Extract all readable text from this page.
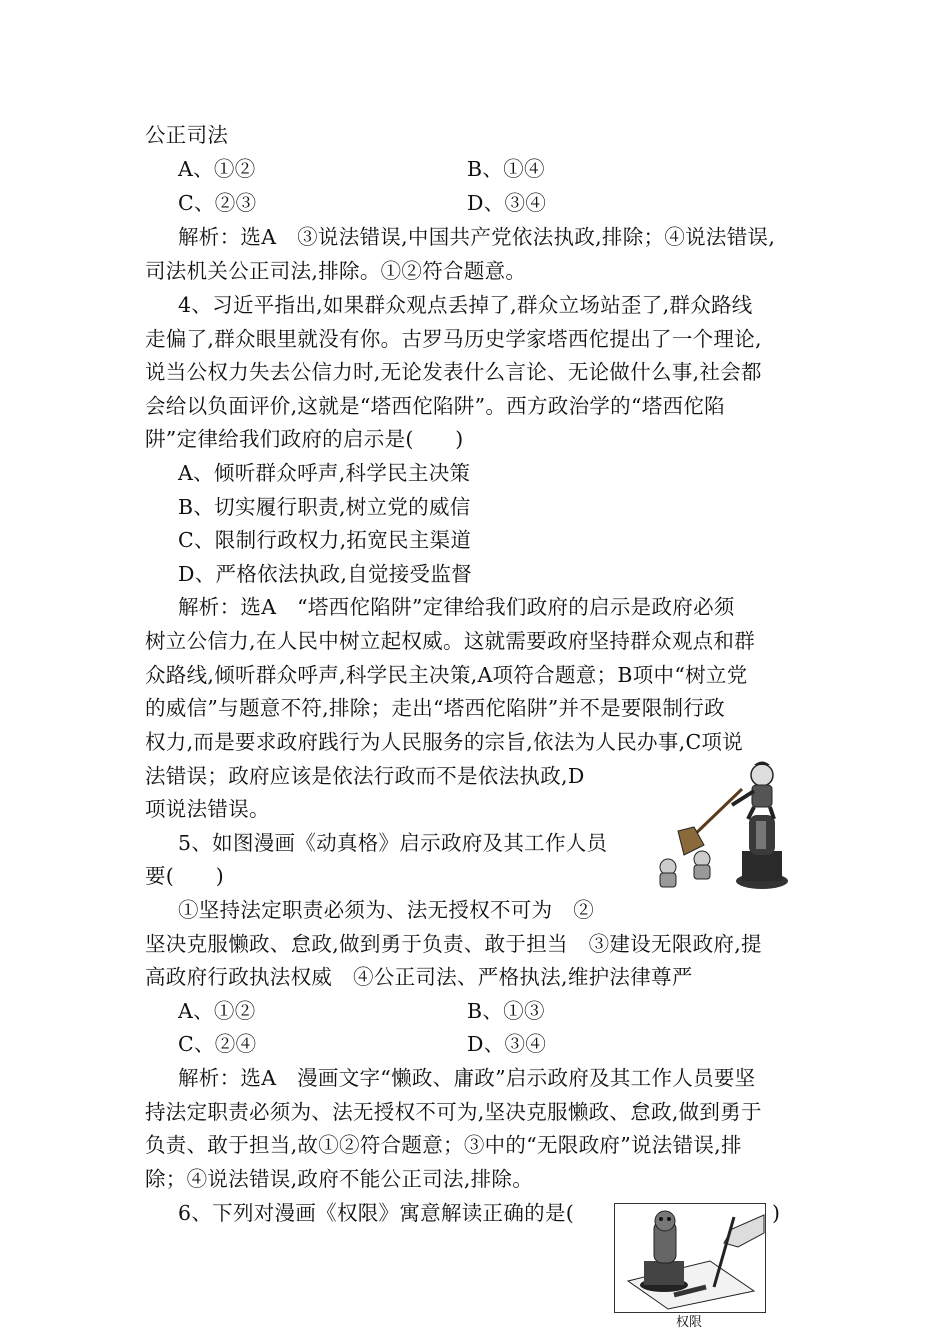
公正司法
A、①②	B、①④
C、②③	D、③④
解析：选A　③说法错误,中国共产党依法执政,排除；④说法错误,
司法机关公正司法,排除。①②符合题意。
4、习近平指出,如果群众观点丢掉了,群众立场站歪了,群众路线
走偏了,群众眼里就没有你。古罗马历史学家塔西佗提出了一个理论,
说当公权力失去公信力时,无论发表什么言论、无论做什么事,社会都
会给以负面评价,这就是“塔西佗陷阱”。西方政治学的“塔西佗陷
阱”定律给我们政府的启示是(　　)
A、倾听群众呼声,科学民主决策
B、切实履行职责,树立党的威信
C、限制行政权力,拓宽民主渠道
D、严格依法执政,自觉接受监督
解析：选A　“塔西佗陷阱”定律给我们政府的启示是政府必须
树立公信力,在人民中树立起权威。这就需要政府坚持群众观点和群
众路线,倾听群众呼声,科学民主决策,A项符合题意；B项中“树立党
的威信”与题意不符,排除；走出“塔西佗陷阱”并不是要限制行政
权力,而是要求政府践行为人民服务的宗旨,依法为人民办事,C项说
法错误；政府应该是依法行政而不是依法执政,D
项说法错误。
5、如图漫画《动真格》启示政府及其工作人员
要(　　)
①坚持法定职责必须为、法无授权不可为　②
坚决克服懒政、怠政,做到勇于负责、敢于担当　③建设无限政府,提
高政府行政执法权威　④公正司法、严格执法,维护法律尊严
A、①②	B、①③
C、②④	D、③④
解析：选A　漫画文字“懒政、庸政”启示政府及其工作人员要坚
持法定职责必须为、法无授权不可为,坚决克服懒政、怠政,做到勇于
负责、敢于担当,故①②符合题意；③中的“无限政府”说法错误,排
除；④说法错误,政府不能公正司法,排除。
6、下列对漫画《权限》寓意解读正确的是(	)
权限
